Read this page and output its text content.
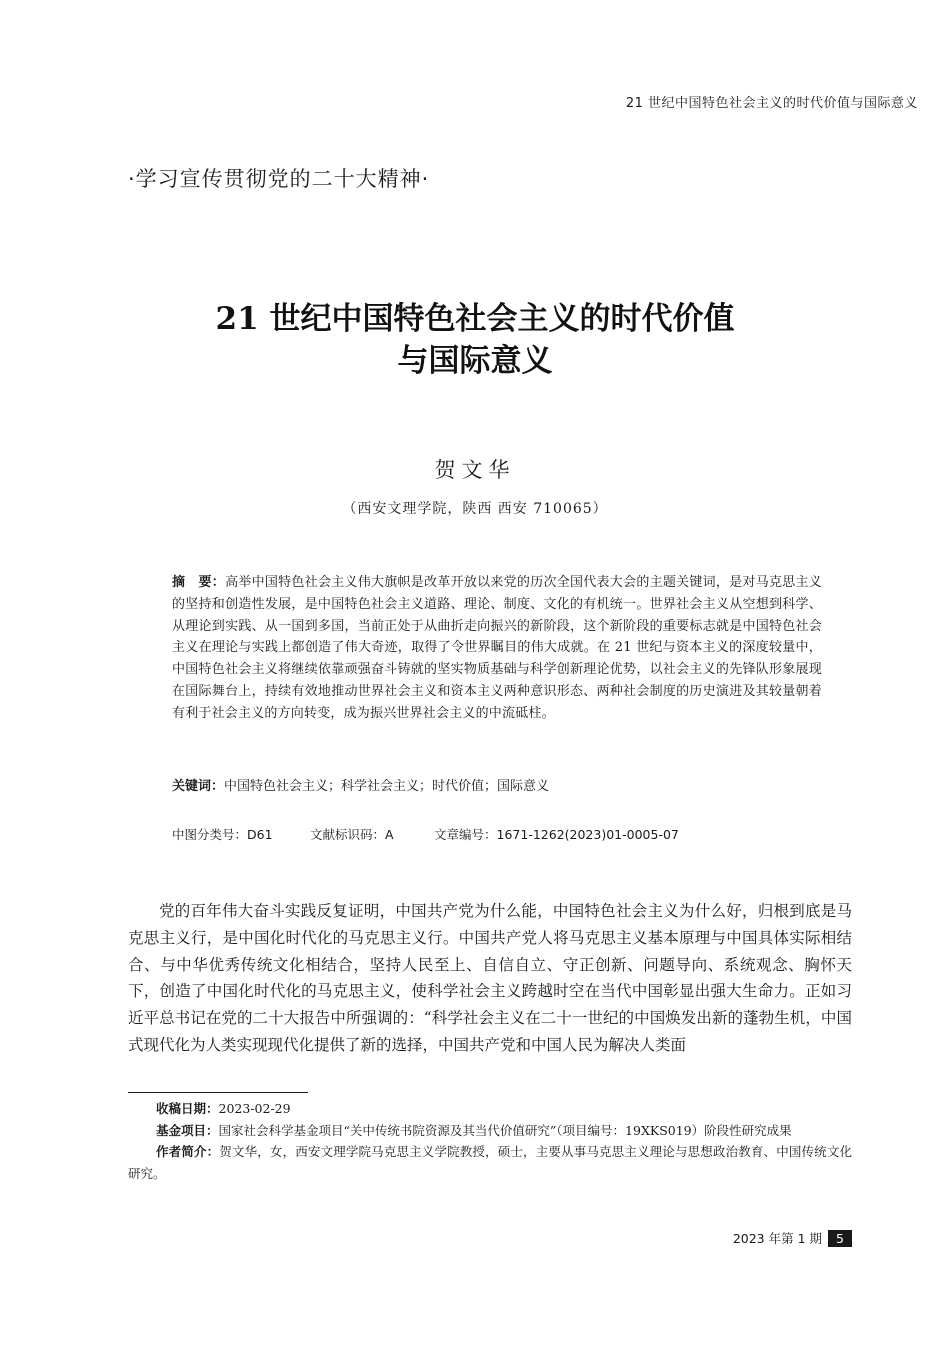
21 世纪中国特色社会主义的时代价值与国际意义
·学习宣传贯彻党的二十大精神·
21 世纪中国特色社会主义的时代价值
与国际意义
贺文华
（西安文理学院，陕西 西安 710065）
摘　要：高举中国特色社会主义伟大旗帜是改革开放以来党的历次全国代表大会的主题关键词，是对马克思主义的坚持和创造性发展，是中国特色社会主义道路、理论、制度、文化的有机统一。世界社会主义从空想到科学、从理论到实践、从一国到多国，当前正处于从曲折走向振兴的新阶段，这个新阶段的重要标志就是中国特色社会主义在理论与实践上都创造了伟大奇迹，取得了令世界瞩目的伟大成就。在 21 世纪与资本主义的深度较量中，中国特色社会主义将继续依靠顽强奋斗铸就的坚实物质基础与科学创新理论优势，以社会主义的先锋队形象展现在国际舞台上，持续有效地推动世界社会主义和资本主义两种意识形态、两种社会制度的历史演进及其较量朝着有利于社会主义的方向转变，成为振兴世界社会主义的中流砥柱。
关键词：中国特色社会主义；科学社会主义；时代价值；国际意义
中图分类号：D61	文献标识码：A	文章编号：1671-1262(2023)01-0005-07

党的百年伟大奋斗实践反复证明，中国共产党为什么能，中国特色社会主义为什么好，归根到底是马克思主义行，是中国化时代化的马克思主义行。中国共产党人将马克思主义基本原理与中国具体实际相结合、与中华优秀传统文化相结合，坚持人民至上、自信自立、守正创新、问题导向、系统观念、胸怀天下，创造了中国化时代化的马克思主义，使科学社会主义跨越时空在当代中国彰显出强大生命力。正如习近平总书记在党的二十大报告中所强调的：“科学社会主义在二十一世纪的中国焕发出新的蓬勃生机，中国式现代化为人类实现现代化提供了新的选择，中国共产党和中国人民为解决人类面

收稿日期：2023-02-29

基金项目：国家社会科学基金项目“关中传统书院资源及其当代价值研究”（项目编号：19XKS019）阶段性研究成果

作者简介：贺文华，女，西安文理学院马克思主义学院教授，硕士，主要从事马克思主义理论与思想政治教育、中国传统文化研究。

2023 年第 1 期	5
